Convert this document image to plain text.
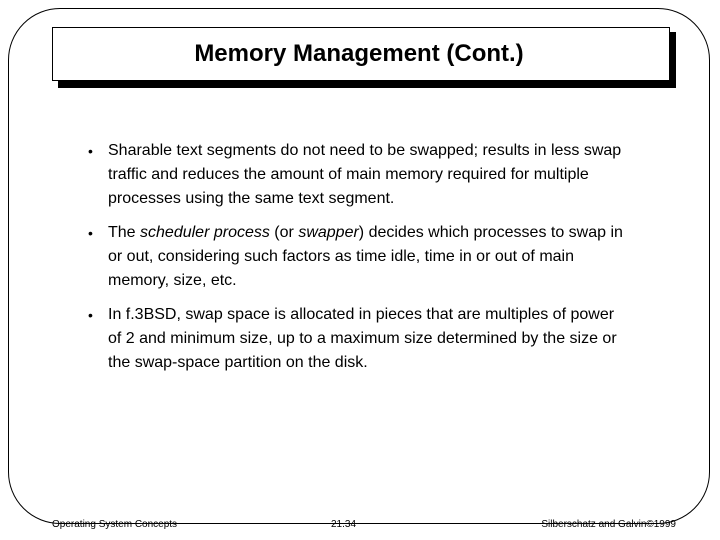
Memory Management (Cont.)
• Sharable text segments do not need to be swapped; results in less swap traffic and reduces the amount of main memory required for multiple processes using the same text segment.
• The scheduler process (or swapper) decides which processes to swap in or out, considering such factors as time idle, time in or out of main memory, size, etc.
• In f.3BSD, swap space is allocated in pieces that are multiples of power of 2 and minimum size, up to a maximum size determined by the size or the swap-space partition on the disk.
Operating System Concepts	21.34	Silberschatz and Galvin©1999
